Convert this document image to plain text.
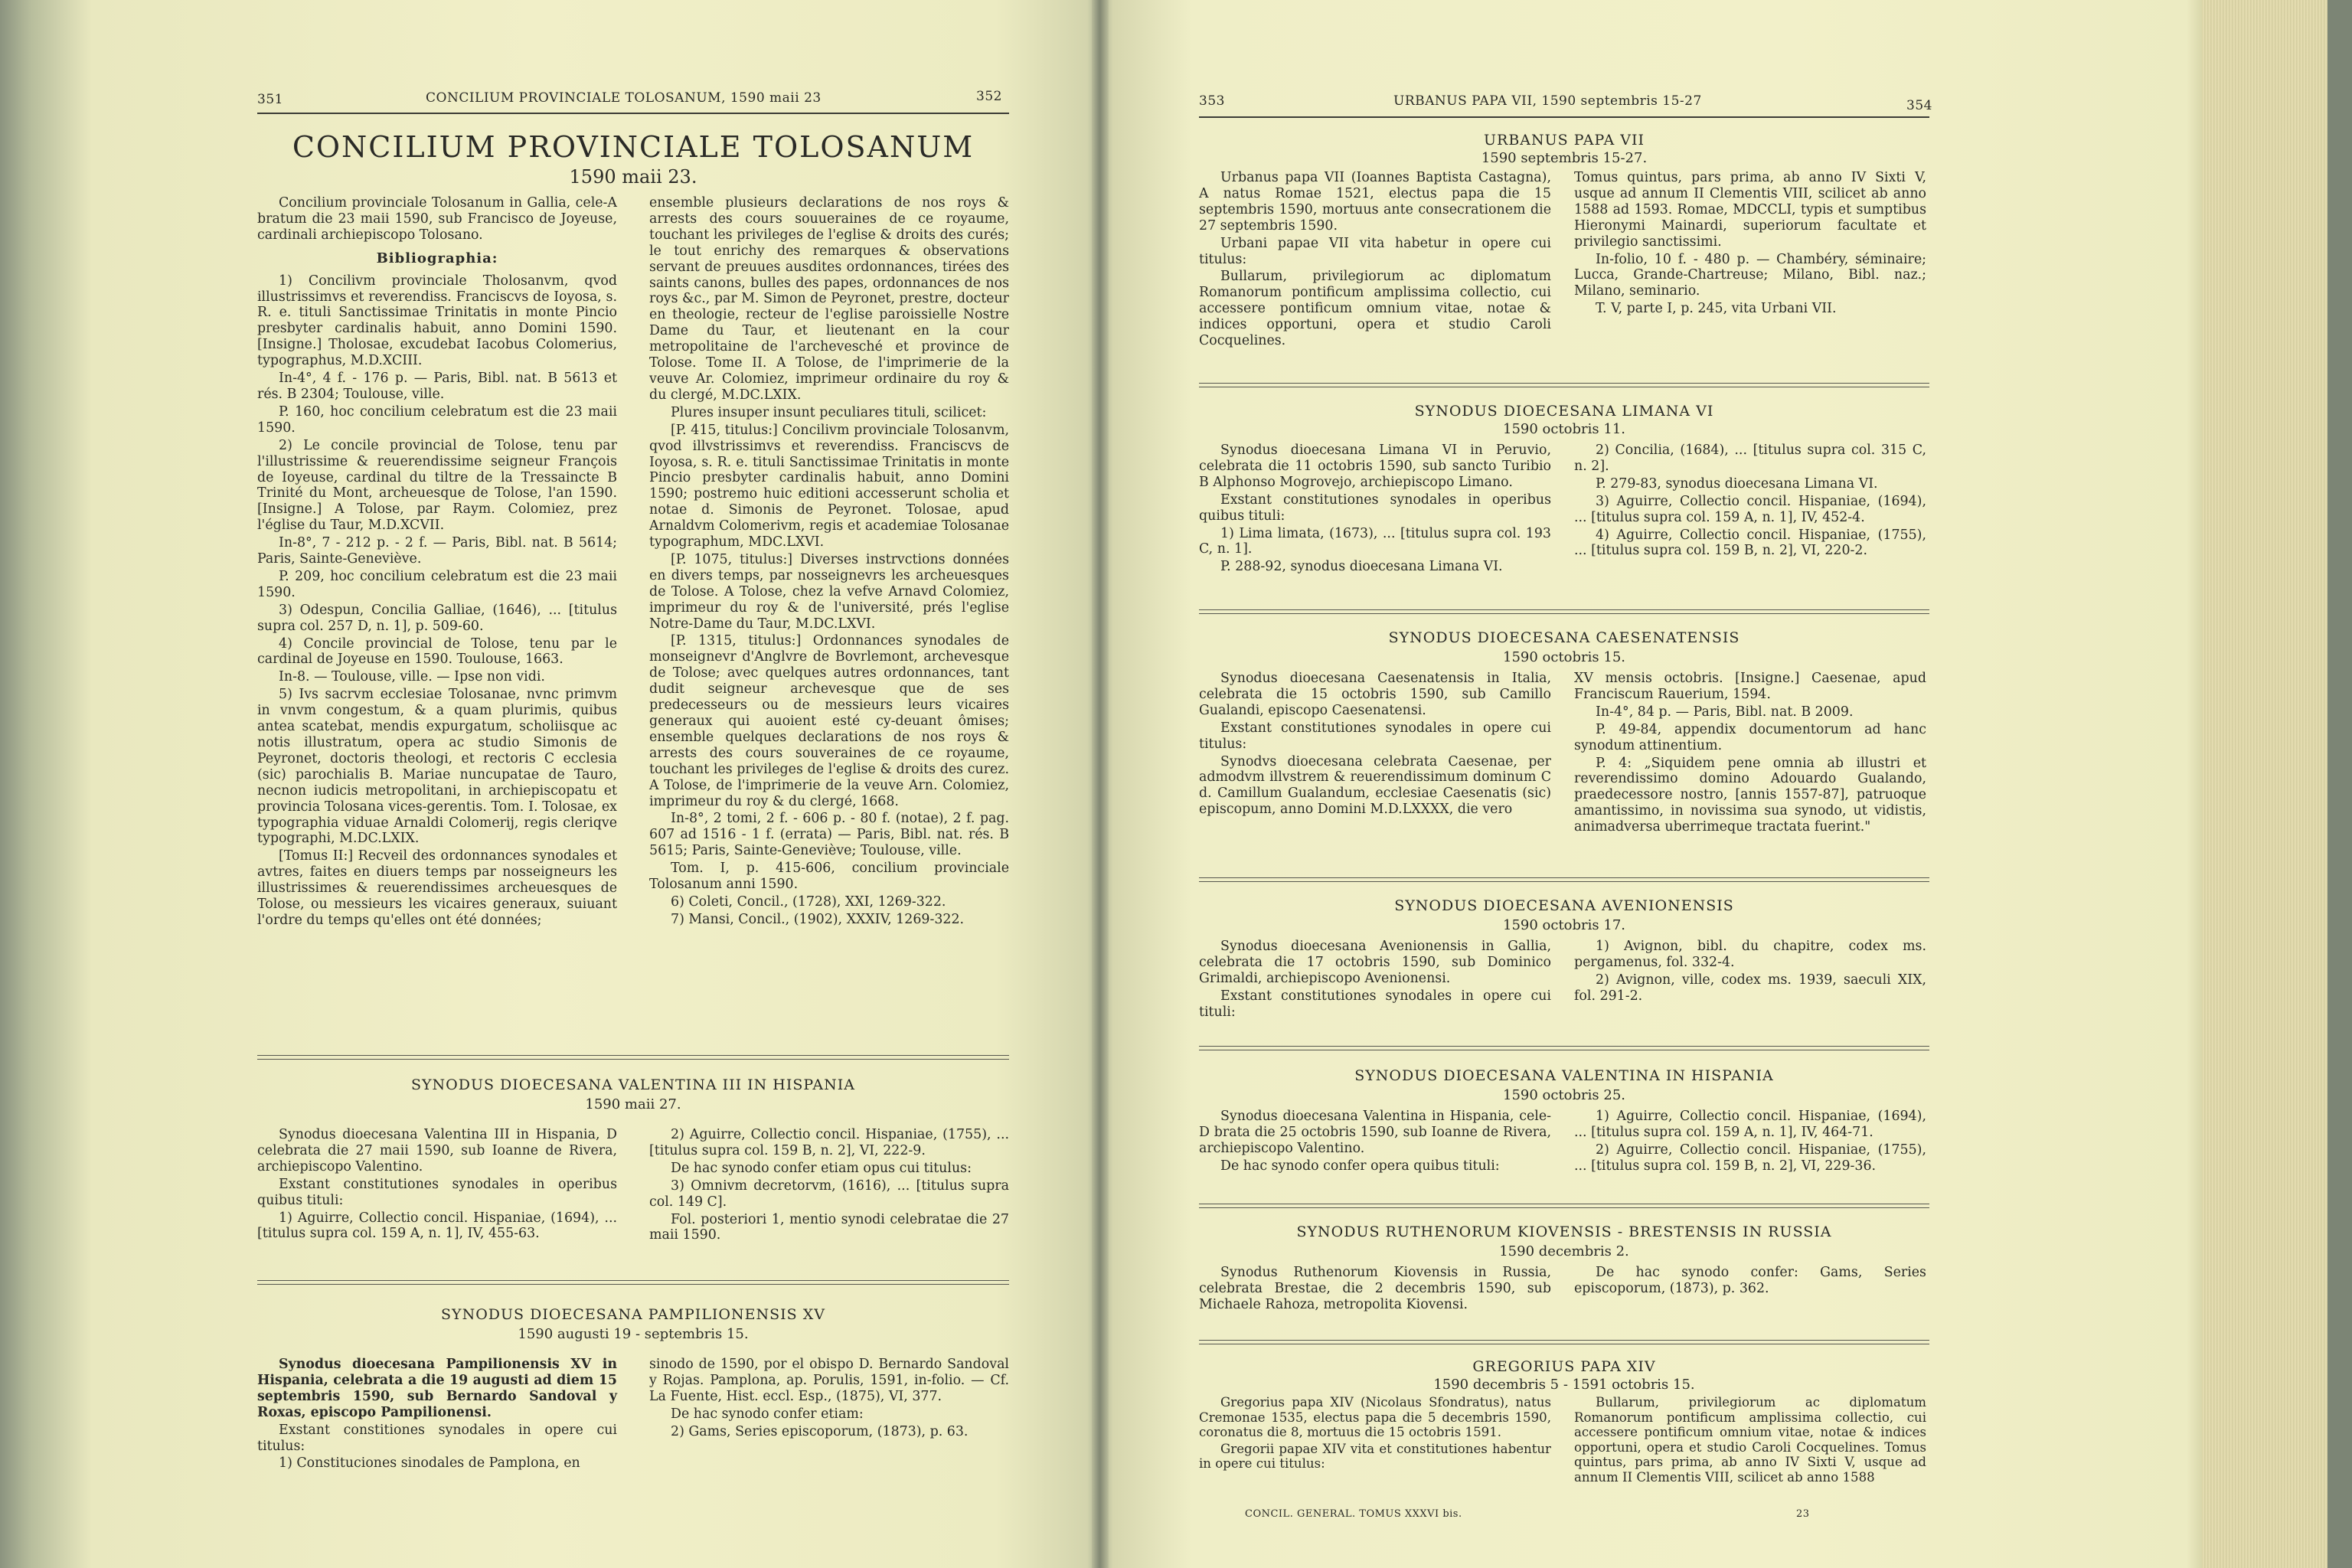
351	CONCILIUM PROVINCIALE TOLOSANUM, 1590 maii 23	352
CONCILIUM PROVINCIALE TOLOSANUM
1590 maii 23.

Concilium provinciale Tolosanum in Gallia, cele-A bratum die 23 maii 1590, sub Francisco de Joyeuse, cardinali archiepiscopo Tolosano.

Bibliographia:

1) Concilivm provinciale Tholosanvm, qvod illustrissimvs et reverendiss. Franciscvs de Ioyosa, s. R. e. tituli Sanctissimae Trinitatis in monte Pincio presbyter cardinalis habuit, anno Domini 1590. [Insigne.] Tholosae, excudebat Iacobus Colomerius, typographus, M.D.XCIII.

In-4°, 4 f. - 176 p. — Paris, Bibl. nat. B 5613 et rés. B 2304; Toulouse, ville.

P. 160, hoc concilium celebratum est die 23 maii 1590.

2) Le concile provincial de Tolose, tenu par l'illustrissime & reuerendissime seigneur François de Ioyeuse, cardinal du tiltre de la Tressaincte B Trinité du Mont, archeuesque de Tolose, l'an 1590. [Insigne.] A Tolose, par Raym. Colomiez, prez l'église du Taur, M.D.XCVII.

In-8°, 7 - 212 p. - 2 f. — Paris, Bibl. nat. B 5614; Paris, Sainte-Geneviève.

P. 209, hoc concilium celebratum est die 23 maii 1590.

3) Odespun, Concilia Galliae, (1646), ... [titulus supra col. 257 D, n. 1], p. 509-60.

4) Concile provincial de Tolose, tenu par le cardinal de Joyeuse en 1590. Toulouse, 1663.

In-8. — Toulouse, ville. — Ipse non vidi.

5) Ivs sacrvm ecclesiae Tolosanae, nvnc primvm in vnvm congestum, & a quam plurimis, quibus antea scatebat, mendis expurgatum, scholiisque ac notis illustratum, opera ac studio Simonis de Peyronet, doctoris theologi, et rectoris C ecclesia (sic) parochialis B. Mariae nuncupatae de Tauro, necnon iudicis metropolitani, in archiepiscopatu et provincia Tolosana vices-gerentis. Tom. I. Tolosae, ex typographia viduae Arnaldi Colomerij, regis cleriqve typographi, M.DC.LXIX.

[Tomus II:] Recveil des ordonnances synodales et avtres, faites en diuers temps par nosseigneurs les illustrissimes & reuerendissimes archeuesques de Tolose, ou messieurs les vicaires generaux, suiuant l'ordre du temps qu'elles ont été données;

ensemble plusieurs declarations de nos roys & arrests des cours souueraines de ce royaume, touchant les privileges de l'eglise & droits des curés; le tout enrichy des remarques & observations servant de preuues ausdites ordonnances, tirées des saints canons, bulles des papes, ordonnances de nos roys &c., par M. Simon de Peyronet, prestre, docteur en theologie, recteur de l'eglise paroissielle Nostre Dame du Taur, et lieutenant en la cour metropolitaine de l'archevesché et province de Tolose. Tome II. A Tolose, de l'imprimerie de la veuve Ar. Colomiez, imprimeur ordinaire du roy & du clergé, M.DC.LXIX.

Plures insuper insunt peculiares tituli, scilicet:

[P. 415, titulus:] Concilivm provinciale Tolosanvm, qvod illvstrissimvs et reverendiss. Franciscvs de Ioyosa, s. R. e. tituli Sanctissimae Trinitatis in monte Pincio presbyter cardinalis habuit, anno Domini 1590; postremo huic editioni accesserunt scholia et notae d. Simonis de Peyronet. Tolosae, apud Arnaldvm Colomerivm, regis et academiae Tolosanae typographum, MDC.LXVI.

[P. 1075, titulus:] Diverses instrvctions données en divers temps, par nosseignevrs les archeuesques de Tolose. A Tolose, chez la vefve Arnavd Colomiez, imprimeur du roy & de l'université, prés l'eglise Notre-Dame du Taur, M.DC.LXVI.

[P. 1315, titulus:] Ordonnances synodales de monseignevr d'Anglvre de Bovrlemont, archevesque de Tolose; avec quelques autres ordonnances, tant dudit seigneur archevesque que de ses predecesseurs ou de messieurs leurs vicaires generaux qui auoient esté cy-deuant ômises; ensemble quelques declarations de nos roys & arrests des cours souveraines de ce royaume, touchant les privileges de l'eglise & droits des curez. A Tolose, de l'imprimerie de la veuve Arn. Colomiez, imprimeur du roy & du clergé, 1668.

In-8°, 2 tomi, 2 f. - 606 p. - 80 f. (notae), 2 f. pag. 607 ad 1516 - 1 f. (errata) — Paris, Bibl. nat. rés. B 5615; Paris, Sainte-Geneviève; Toulouse, ville.

Tom. I, p. 415-606, concilium provinciale Tolosanum anni 1590.

6) Coleti, Concil., (1728), XXI, 1269-322.

7) Mansi, Concil., (1902), XXXIV, 1269-322.

SYNODUS DIOECESANA VALENTINA III IN HISPANIA
1590 maii 27.

Synodus dioecesana Valentina III in Hispania, D celebrata die 27 maii 1590, sub Ioanne de Rivera, archiepiscopo Valentino.

Exstant constitutiones synodales in operibus quibus tituli:

1) Aguirre, Collectio concil. Hispaniae, (1694), ... [titulus supra col. 159 A, n. 1], IV, 455-63.

2) Aguirre, Collectio concil. Hispaniae, (1755), ... [titulus supra col. 159 B, n. 2], VI, 222-9.

De hac synodo confer etiam opus cui titulus:

3) Omnivm decretorvm, (1616), ... [titulus supra col. 149 C].

Fol. posteriori 1, mentio synodi celebratae die 27 maii 1590.

SYNODUS DIOECESANA PAMPILIONENSIS XV
1590 augusti 19 - septembris 15.

Synodus dioecesana Pampilionensis XV in Hispania, celebrata a die 19 augusti ad diem 15 septembris 1590, sub Bernardo Sandoval y Roxas, episcopo Pampilionensi.

Exstant constitiones synodales in opere cui titulus:

1) Constituciones sinodales de Pamplona, en

sinodo de 1590, por el obispo D. Bernardo Sandoval y Rojas. Pamplona, ap. Porulis, 1591, in-folio. — Cf. La Fuente, Hist. eccl. Esp., (1875), VI, 377.

De hac synodo confer etiam:

2) Gams, Series episcoporum, (1873), p. 63.

353	URBANUS PAPA VII, 1590 septembris 15-27	354
URBANUS PAPA VII
1590 septembris 15-27.

Urbanus papa VII (Ioannes Baptista Castagna), A natus Romae 1521, electus papa die 15 septembris 1590, mortuus ante consecrationem die 27 septembris 1590.

Urbani papae VII vita habetur in opere cui titulus:

Bullarum, privilegiorum ac diplomatum Romanorum pontificum amplissima collectio, cui accessere pontificum omnium vitae, notae & indices opportuni, opera et studio Caroli Cocquelines.

Tomus quintus, pars prima, ab anno IV Sixti V, usque ad annum II Clementis VIII, scilicet ab anno 1588 ad 1593. Romae, MDCCLI, typis et sumptibus Hieronymi Mainardi, superiorum facultate et privilegio sanctissimi.

In-folio, 10 f. - 480 p. — Chambéry, séminaire; Lucca, Grande-Chartreuse; Milano, Bibl. naz.; Milano, seminario.

T. V, parte I, p. 245, vita Urbani VII.

SYNODUS DIOECESANA LIMANA VI
1590 octobris 11.

Synodus dioecesana Limana VI in Peruvio, celebrata die 11 octobris 1590, sub sancto Turibio B Alphonso Mogrovejo, archiepiscopo Limano.

Exstant constitutiones synodales in operibus quibus tituli:

1) Lima limata, (1673), ... [titulus supra col. 193 C, n. 1].

P. 288-92, synodus dioecesana Limana VI.

2) Concilia, (1684), ... [titulus supra col. 315 C, n. 2].

P. 279-83, synodus dioecesana Limana VI.

3) Aguirre, Collectio concil. Hispaniae, (1694), ... [titulus supra col. 159 A, n. 1], IV, 452-4.

4) Aguirre, Collectio concil. Hispaniae, (1755), ... [titulus supra col. 159 B, n. 2], VI, 220-2.

SYNODUS DIOECESANA CAESENATENSIS
1590 octobris 15.

Synodus dioecesana Caesenatensis in Italia, celebrata die 15 octobris 1590, sub Camillo Gualandi, episcopo Caesenatensi.

Exstant constitutiones synodales in opere cui titulus:

Synodvs dioecesana celebrata Caesenae, per admodvm illvstrem & reuerendissimum dominum C d. Camillum Gualandum, ecclesiae Caesenatis (sic) episcopum, anno Domini M.D.LXXXX, die vero

XV mensis octobris. [Insigne.] Caesenae, apud Franciscum Rauerium, 1594.

In-4°, 84 p. — Paris, Bibl. nat. B 2009.

P. 49-84, appendix documentorum ad hanc synodum attinentium.

P. 4: „Siquidem pene omnia ab illustri et reverendissimo domino Adouardo Gualando, praedecessore nostro, [annis 1557-87], patruoque amantissimo, in novissima sua synodo, ut vidistis, animadversa uberrimeque tractata fuerint."

SYNODUS DIOECESANA AVENIONENSIS
1590 octobris 17.

Synodus dioecesana Avenionensis in Gallia, celebrata die 17 octobris 1590, sub Dominico Grimaldi, archiepiscopo Avenionensi.

Exstant constitutiones synodales in opere cui tituli:

1) Avignon, bibl. du chapitre, codex ms. pergamenus, fol. 332-4.

2) Avignon, ville, codex ms. 1939, saeculi XIX, fol. 291-2.

SYNODUS DIOECESANA VALENTINA IN HISPANIA
1590 octobris 25.

Synodus dioecesana Valentina in Hispania, cele- D brata die 25 octobris 1590, sub Ioanne de Rivera, archiepiscopo Valentino.

De hac synodo confer opera quibus tituli:

1) Aguirre, Collectio concil. Hispaniae, (1694), ... [titulus supra col. 159 A, n. 1], IV, 464-71.

2) Aguirre, Collectio concil. Hispaniae, (1755), ... [titulus supra col. 159 B, n. 2], VI, 229-36.

SYNODUS RUTHENORUM KIOVENSIS - BRESTENSIS IN RUSSIA
1590 decembris 2.

Synodus Ruthenorum Kiovensis in Russia, celebrata Brestae, die 2 decembris 1590, sub Michaele Rahoza, metropolita Kiovensi.

De hac synodo confer: Gams, Series episcoporum, (1873), p. 362.

GREGORIUS PAPA XIV
1590 decembris 5 - 1591 octobris 15.

Gregorius papa XIV (Nicolaus Sfondratus), natus Cremonae 1535, electus papa die 5 decembris 1590, coronatus die 8, mortuus die 15 octobris 1591.

Gregorii papae XIV vita et constitutiones habentur in opere cui titulus:

Bullarum, privilegiorum ac diplomatum Romanorum pontificum amplissima collectio, cui accessere pontificum omnium vitae, notae & indices opportuni, opera et studio Caroli Cocquelines. Tomus quintus, pars prima, ab anno IV Sixti V, usque ad annum II Clementis VIII, scilicet ab anno 1588

CONCIL. GENERAL. TOMUS XXXVI bis.	23
